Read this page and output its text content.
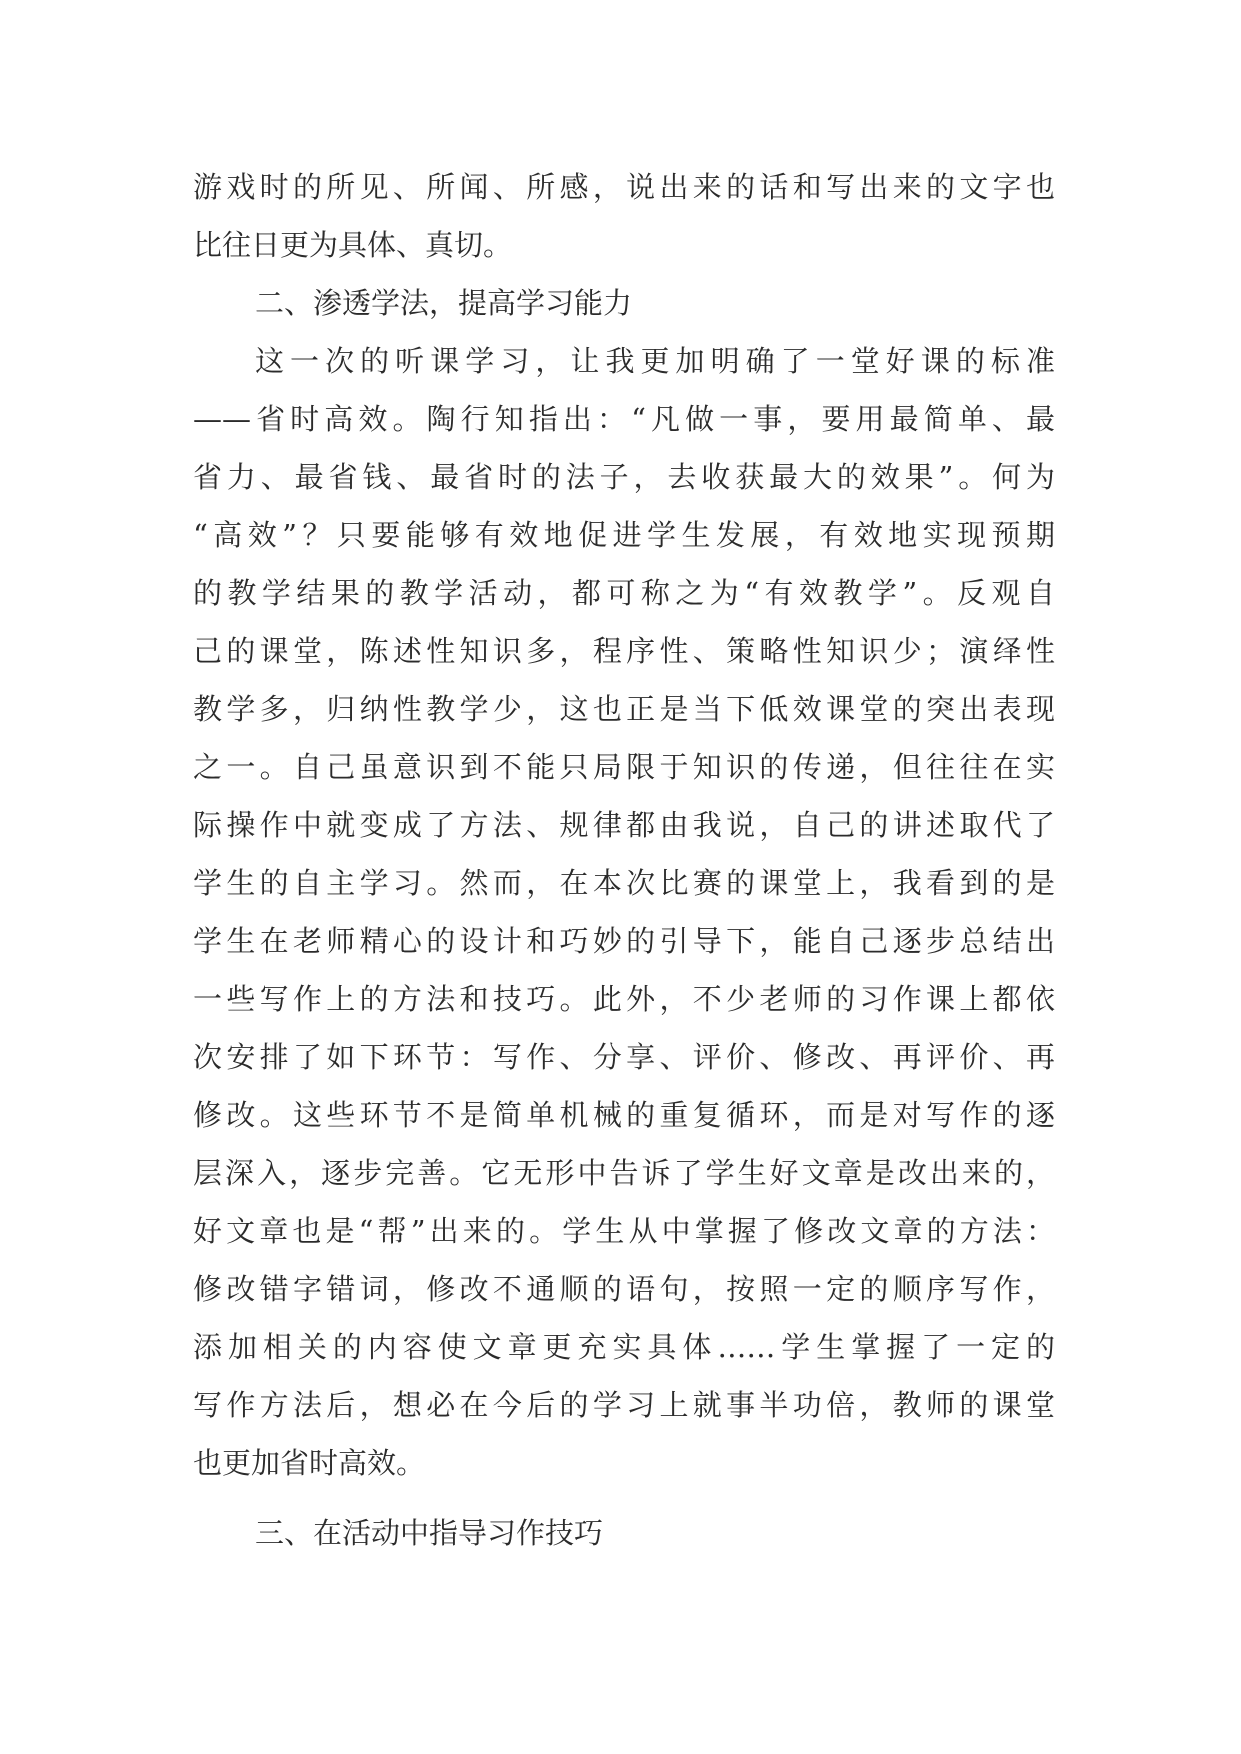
游戏时的所见、所闻、所感，说出来的话和写出来的文字也
比往日更为具体、真切。
二、渗透学法，提高学习能力
这一次的听课学习，让我更加明确了一堂好课的标准
——省时高效。陶行知指出：“凡做一事，要用最简单、最
省力、最省钱、最省时的法子，去收获最大的效果”。何为
“高效”？只要能够有效地促进学生发展，有效地实现预期
的教学结果的教学活动，都可称之为“有效教学”。反观自
己的课堂，陈述性知识多，程序性、策略性知识少；演绎性
教学多，归纳性教学少，这也正是当下低效课堂的突出表现
之一。自己虽意识到不能只局限于知识的传递，但往往在实
际操作中就变成了方法、规律都由我说，自己的讲述取代了
学生的自主学习。然而，在本次比赛的课堂上，我看到的是
学生在老师精心的设计和巧妙的引导下，能自己逐步总结出
一些写作上的方法和技巧。此外，不少老师的习作课上都依
次安排了如下环节：写作、分享、评价、修改、再评价、再
修改。这些环节不是简单机械的重复循环，而是对写作的逐
层深入，逐步完善。它无形中告诉了学生好文章是改出来的，
好文章也是“帮”出来的。学生从中掌握了修改文章的方法：
修改错字错词，修改不通顺的语句，按照一定的顺序写作，
添加相关的内容使文章更充实具体……学生掌握了一定的
写作方法后，想必在今后的学习上就事半功倍，教师的课堂
也更加省时高效。
三、在活动中指导习作技巧
